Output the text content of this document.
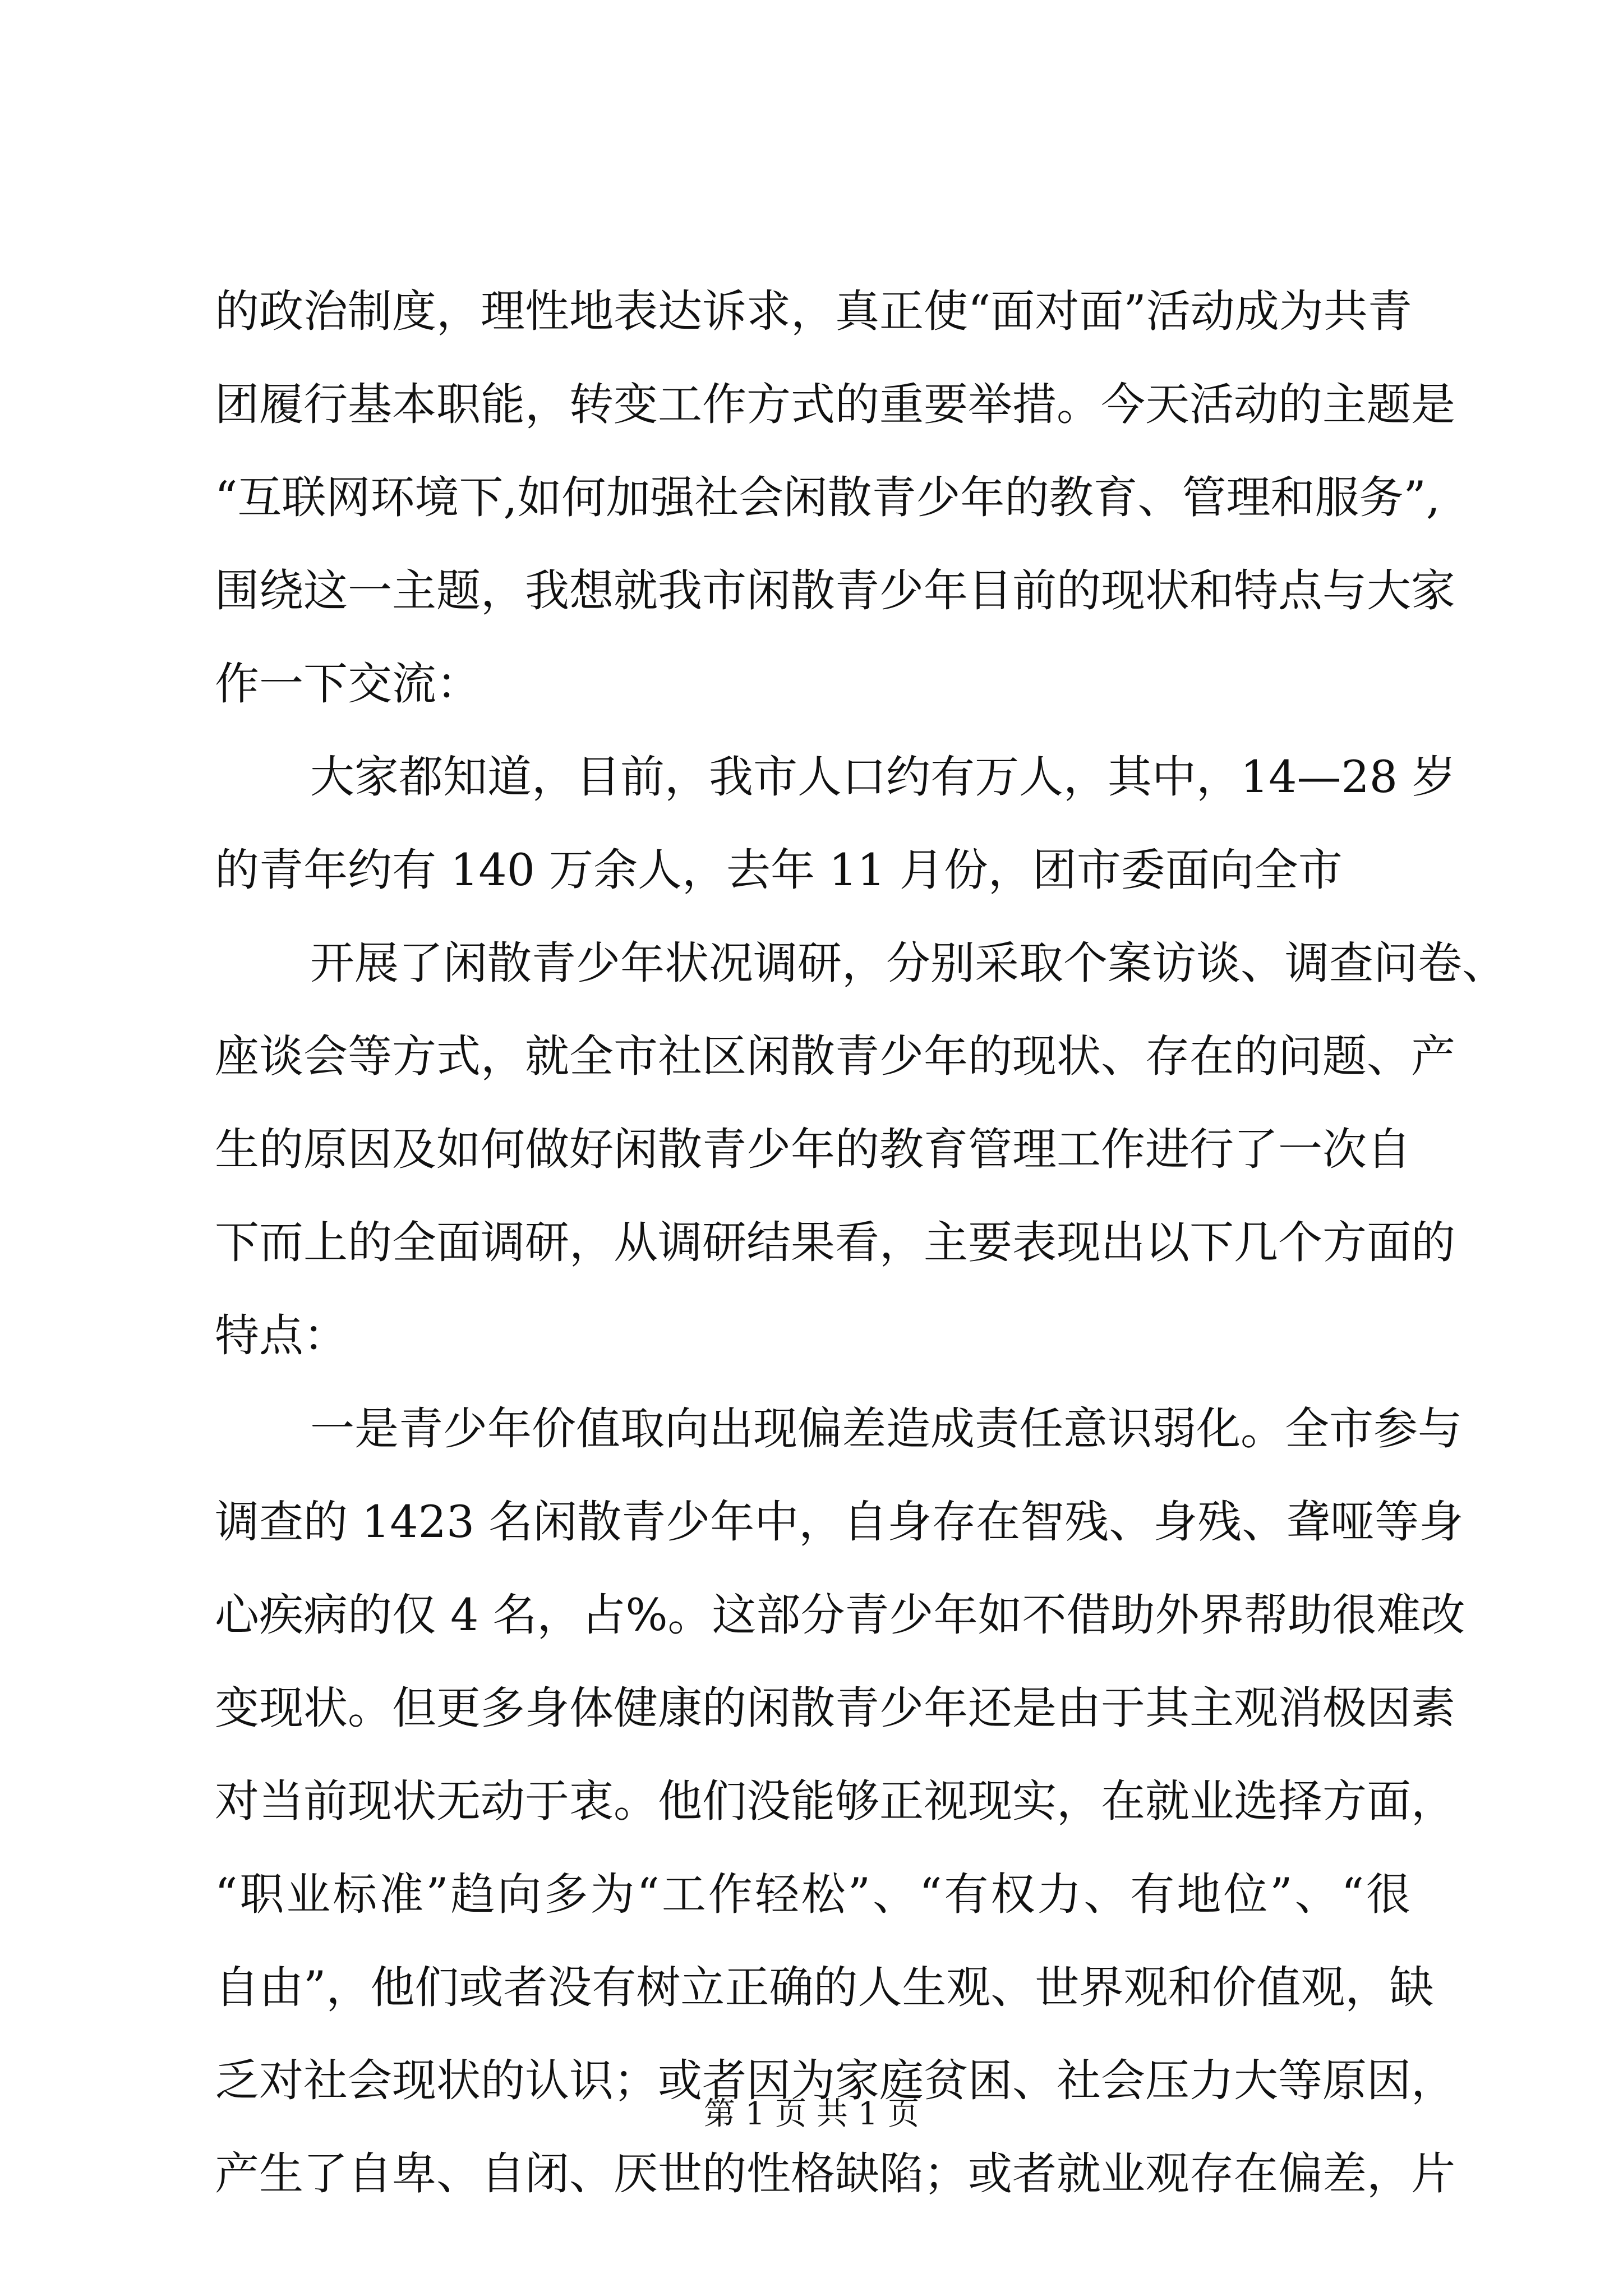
的政治制度，理性地表达诉求，真正使“面对面”活动成为共青
团履行基本职能，转变工作方式的重要举措。今天活动的主题是
“互联网环境下,如何加强社会闲散青少年的教育、管理和服务”,
围绕这一主题，我想就我市闲散青少年目前的现状和特点与大家
作一下交流：
大家都知道，目前，我市人口约有万人，其中，14—28 岁
的青年约有 140 万余人，去年 11 月份，团市委面向全市
开展了闲散青少年状况调研，分别采取个案访谈、调查问卷、
座谈会等方式，就全市社区闲散青少年的现状、存在的问题、产
生的原因及如何做好闲散青少年的教育管理工作进行了一次自
下而上的全面调研，从调研结果看，主要表现出以下几个方面的
特点：
一是青少年价值取向出现偏差造成责任意识弱化。全市参与
调查的 1423 名闲散青少年中，自身存在智残、身残、聋哑等身
心疾病的仅 4 名，占%。这部分青少年如不借助外界帮助很难改
变现状。但更多身体健康的闲散青少年还是由于其主观消极因素
对当前现状无动于衷。他们没能够正视现实，在就业选择方面，
“职业标准”趋向多为“工作轻松”、“有权力、有地位”、“很
自由”，他们或者没有树立正确的人生观、世界观和价值观，缺
乏对社会现状的认识；或者因为家庭贫困、社会压力大等原因，
产生了自卑、自闭、厌世的性格缺陷；或者就业观存在偏差，片
第 1 页 共 1 页
